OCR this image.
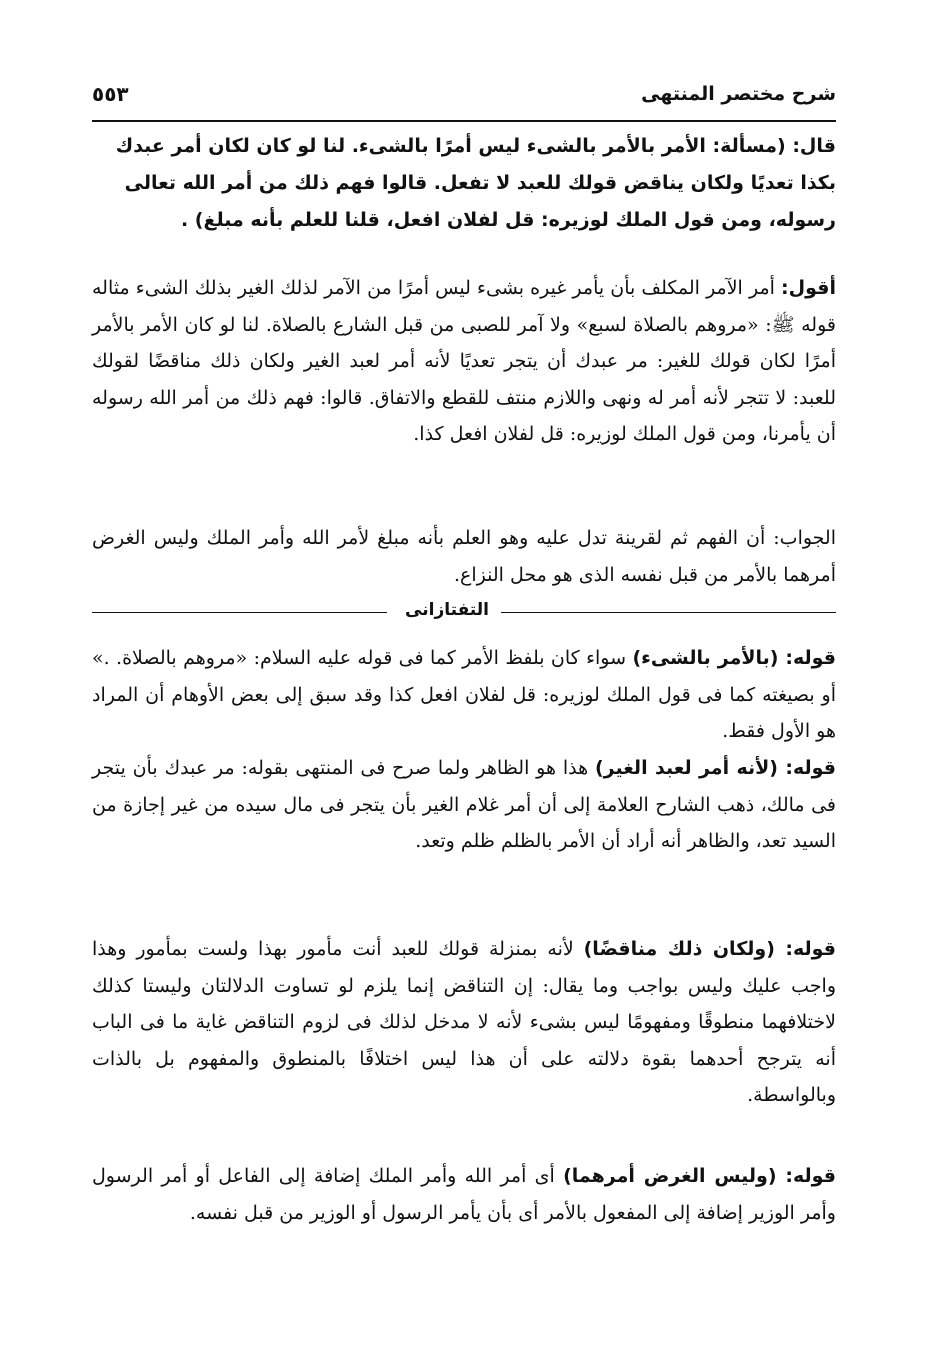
٥٥٣	شرح مختصر المنتهى

قال: (مسألة: الأمر بالأمر بالشىء ليس أمرًا بالشىء. لنا لو كان لكان أمر عبدك

بكذا تعديًا ولكان يناقض قولك للعبد لا تفعل. قالوا فهم ذلك من أمر الله تعالى

رسوله، ومن قول الملك لوزيره: قل لفلان افعل، قلنا للعلم بأنه مبلغ) .

أقول: أمر الآمر المكلف بأن يأمر غيره بشىء ليس أمرًا من الآمر لذلك الغير بذلك الشىء مثاله قوله ﷺ: «مروهم بالصلاة لسبع» ولا آمر للصبى من قبل الشارع بالصلاة. لنا لو كان الأمر بالأمر أمرًا لكان قولك للغير: مر عبدك أن يتجر تعديًا لأنه أمر لعبد الغير ولكان ذلك مناقضًا لقولك للعبد: لا تتجر لأنه أمر له ونهى واللازم منتف للقطع والاتفاق. قالوا: فهم ذلك من أمر الله رسوله أن يأمرنا، ومن قول الملك لوزيره: قل لفلان افعل كذا.

الجواب: أن الفهم ثم لقرينة تدل عليه وهو العلم بأنه مبلغ لأمر الله وأمر الملك وليس الغرض أمرهما بالأمر من قبل نفسه الذى هو محل النزاع.

التفتازانى

قوله: (بالأمر بالشىء) سواء كان بلفظ الأمر كما فى قوله عليه السلام: «مروهم بالصلاة. .» أو بصيغته كما فى قول الملك لوزيره: قل لفلان افعل كذا وقد سبق إلى بعض الأوهام أن المراد هو الأول فقط.

قوله: (لأنه أمر لعبد الغير) هذا هو الظاهر ولما صرح فى المنتهى بقوله: مر عبدك بأن يتجر فى مالك، ذهب الشارح العلامة إلى أن أمر غلام الغير بأن يتجر فى مال سيده من غير إجازة من السيد تعد، والظاهر أنه أراد أن الأمر بالظلم ظلم وتعد.

قوله: (ولكان ذلك مناقضًا) لأنه بمنزلة قولك للعبد أنت مأمور بهذا ولست بمأمور وهذا واجب عليك وليس بواجب وما يقال: إن التناقض إنما يلزم لو تساوت الدلالتان وليستا كذلك لاختلافهما منطوقًا ومفهومًا ليس بشىء لأنه لا مدخل لذلك فى لزوم التناقض غاية ما فى الباب أنه يترجح أحدهما بقوة دلالته على أن هذا ليس اختلافًا بالمنطوق والمفهوم بل بالذات وبالواسطة.

قوله: (وليس الغرض أمرهما) أى أمر الله وأمر الملك إضافة إلى الفاعل أو أمر الرسول وأمر الوزير إضافة إلى المفعول بالأمر أى بأن يأمر الرسول أو الوزير من قبل نفسه.
